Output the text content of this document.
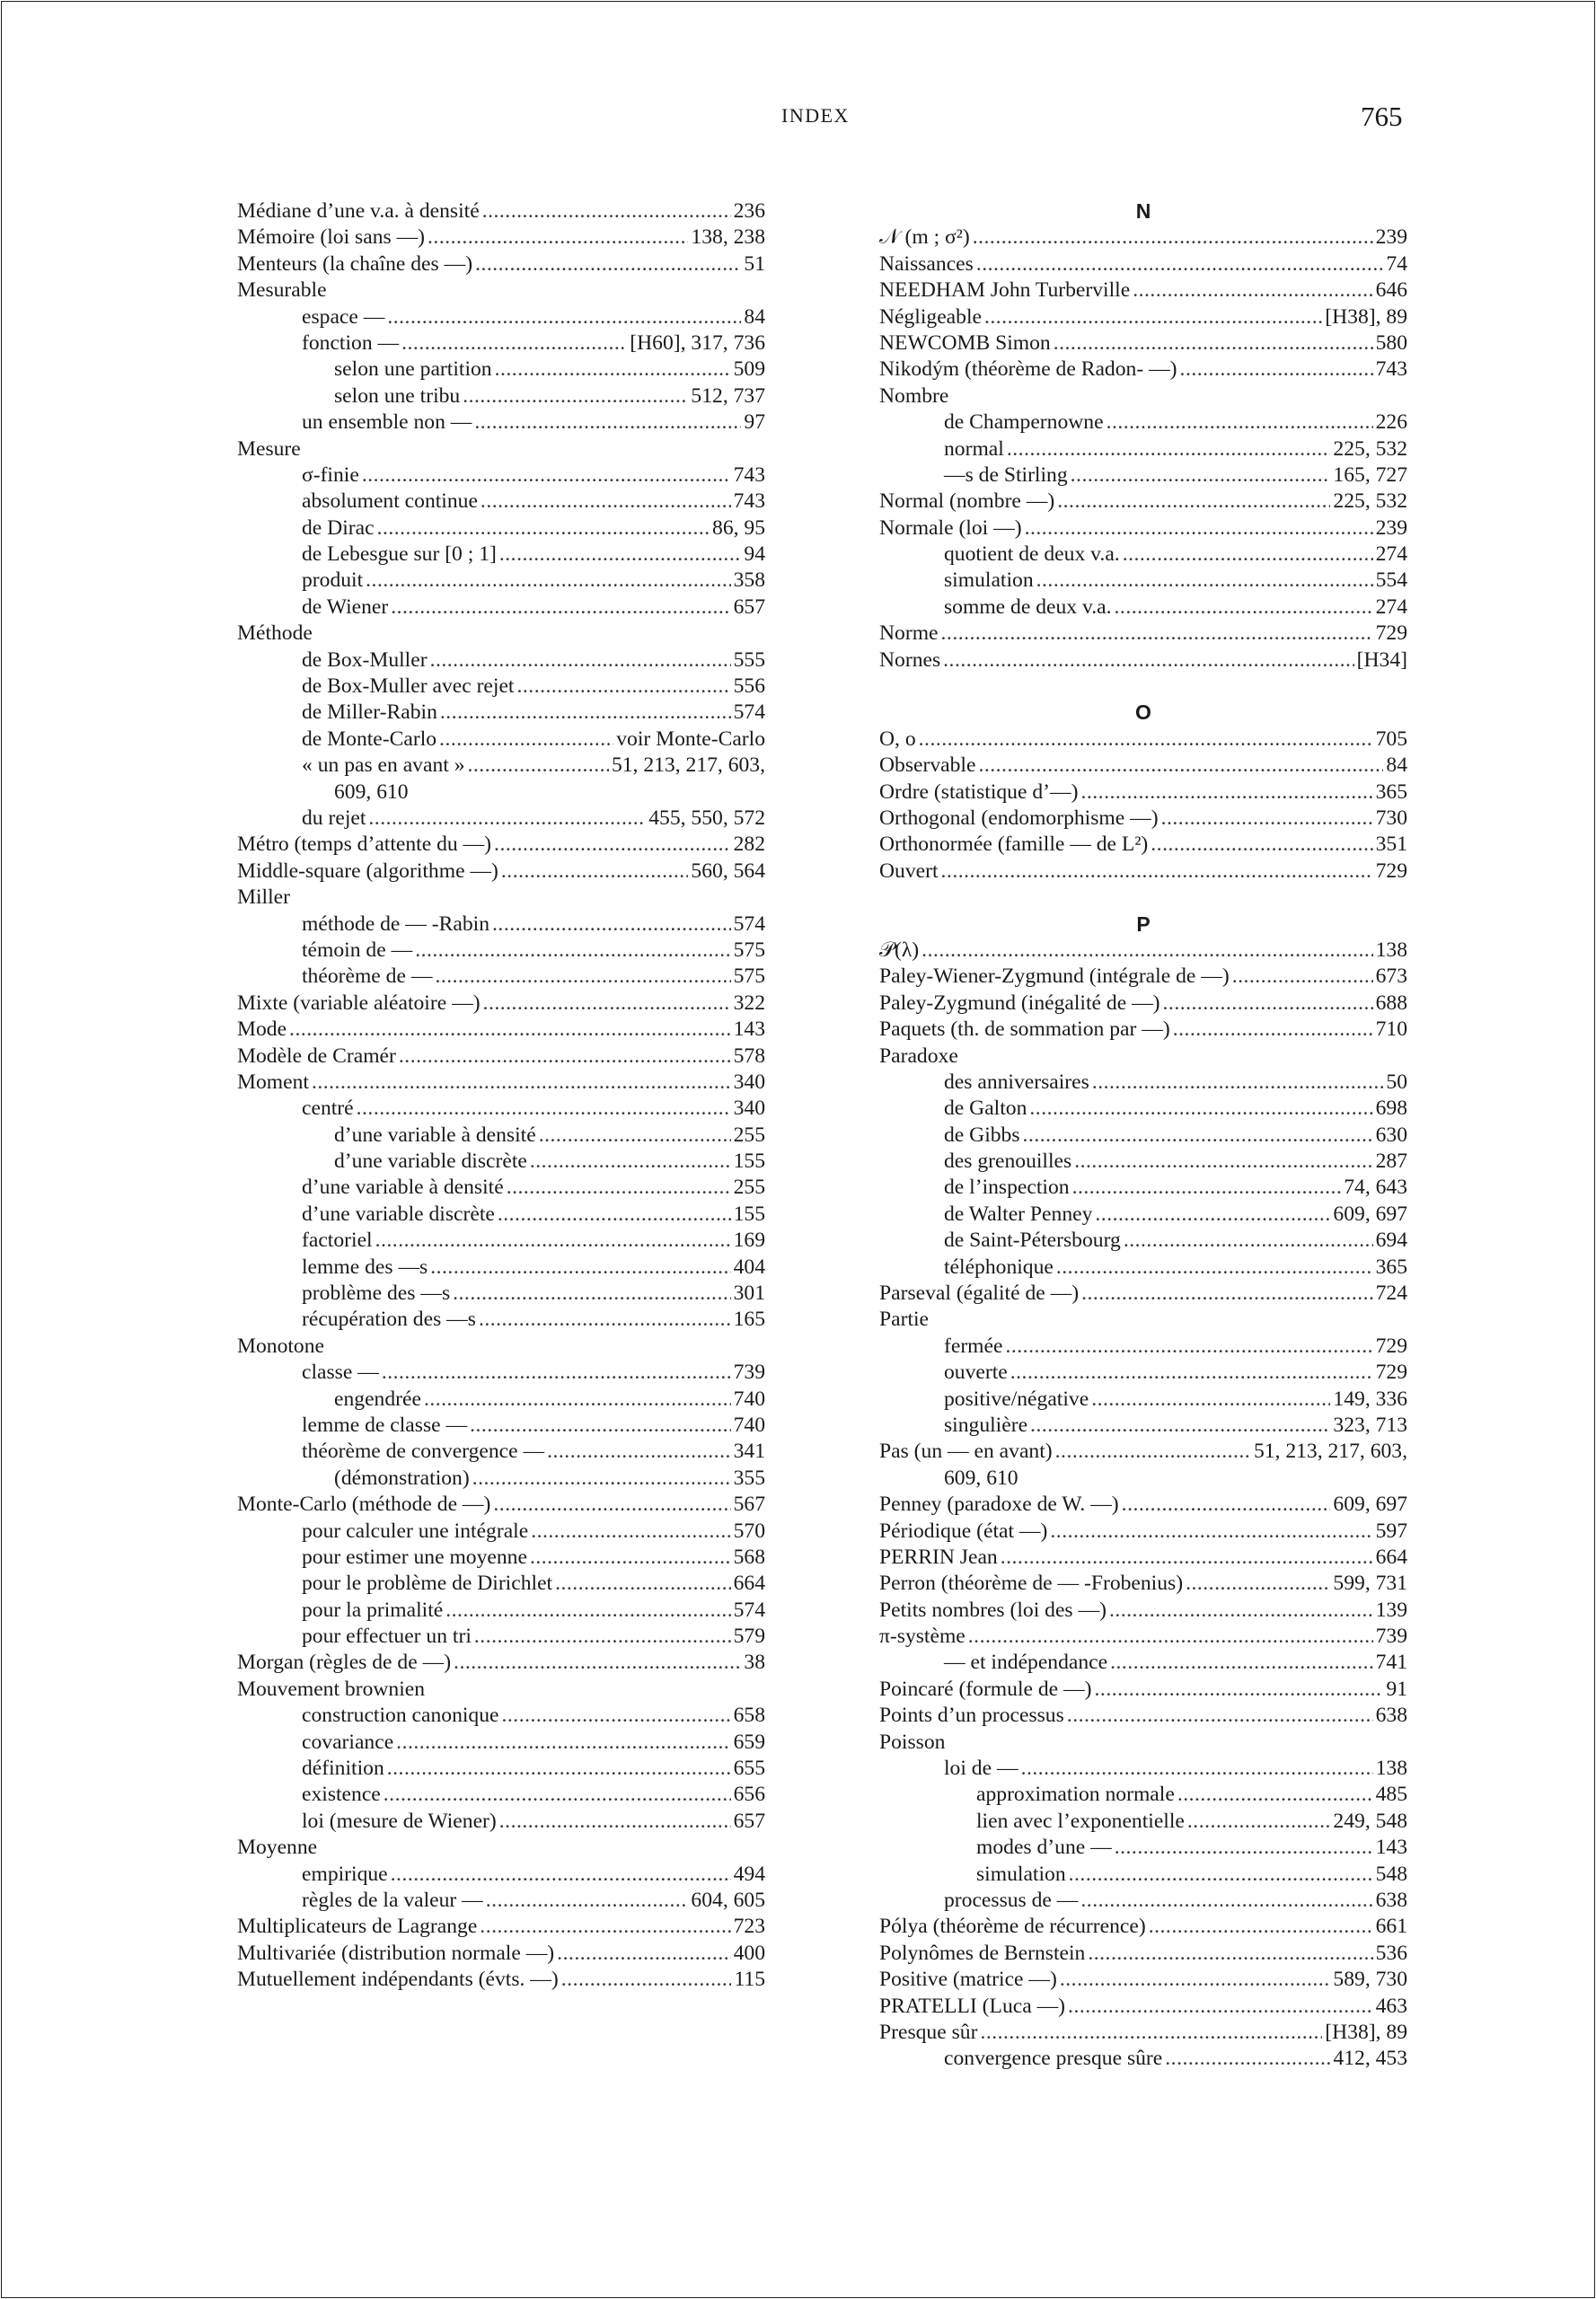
INDEX	765
Médiane d’une v.a. à densité .....	236
Mémoire (loi sans —) .....	138, 238
Menteurs (la chaîne des —) .....	51
Mesurable
espace — .....	84
fonction — .....	[H60], 317, 736
selon une partition .....	509
selon une tribu .....	512, 737
un ensemble non — .....	97
Mesure
σ-finie .....	743
absolument continue .....	743
de Dirac .....	86, 95
de Lebesgue sur [0 ; 1] .....	94
produit .....	358
de Wiener .....	657
Méthode
de Box-Muller .....	555
de Box-Muller avec rejet .....	556
de Miller-Rabin .....	574
de Monte-Carlo .....	voir Monte-Carlo
« un pas en avant » .....	51, 213, 217, 603,
609, 610
du rejet .....	455, 550, 572
Métro (temps d’attente du —) .....	282
Middle-square (algorithme —) .....	560, 564
Miller
méthode de — -Rabin .....	574
témoin de — .....	575
théorème de — .....	575
Mixte (variable aléatoire —) .....	322
Mode .....	143
Modèle de Cramér .....	578
Moment .....	340
centré .....	340
d’une variable à densité .....	255
d’une variable discrète .....	155
d’une variable à densité .....	255
d’une variable discrète .....	155
factoriel .....	169
lemme des —s .....	404
problème des —s .....	301
récupération des —s .....	165
Monotone
classe — .....	739
engendrée .....	740
lemme de classe — .....	740
théorème de convergence — .....	341
(démonstration) .....	355
Monte-Carlo (méthode de —) .....	567
pour calculer une intégrale .....	570
pour estimer une moyenne .....	568
pour le problème de Dirichlet .....	664
pour la primalité .....	574
pour effectuer un tri .....	579
Morgan (règles de de —) .....	38
Mouvement brownien
construction canonique .....	658
covariance .....	659
définition .....	655
existence .....	656
loi (mesure de Wiener) .....	657
Moyenne
empirique .....	494
règles de la valeur — .....	604, 605
Multiplicateurs de Lagrange .....	723
Multivariée (distribution normale —) .....	400
Mutuellement indépendants (évts. —) .....	115
N
𝒩 (m ; σ²) .....	239
Naissances .....	74
NEEDHAM John Turberville .....	646
Négligeable .....	[H38], 89
NEWCOMB Simon .....	580
Nikodým (théorème de Radon- —) .....	743
Nombre
de Champernowne .....	226
normal .....	225, 532
—s de Stirling .....	165, 727
Normal (nombre —) .....	225, 532
Normale (loi —) .....	239
quotient de deux v.a. .....	274
simulation .....	554
somme de deux v.a. .....	274
Norme .....	729
Nornes .....	[H34]
O
O, o .....	705
Observable .....	84
Ordre (statistique d’—) .....	365
Orthogonal (endomorphisme —) .....	730
Orthonormée (famille — de L²) .....	351
Ouvert .....	729
P
𝒫(λ) .....	138
Paley-Wiener-Zygmund (intégrale de —) .....	673
Paley-Zygmund (inégalité de —) .....	688
Paquets (th. de sommation par —) .....	710
Paradoxe
des anniversaires .....	50
de Galton .....	698
de Gibbs .....	630
des grenouilles .....	287
de l’inspection .....	74, 643
de Walter Penney .....	609, 697
de Saint-Pétersbourg .....	694
téléphonique .....	365
Parseval (égalité de —) .....	724
Partie
fermée .....	729
ouverte .....	729
positive/négative .....	149, 336
singulière .....	323, 713
Pas (un — en avant) .....	51, 213, 217, 603,
609, 610
Penney (paradoxe de W. —) .....	609, 697
Périodique (état —) .....	597
PERRIN Jean .....	664
Perron (théorème de — -Frobenius) .....	599, 731
Petits nombres (loi des —) .....	139
π-système .....	739
— et indépendance .....	741
Poincaré (formule de —) .....	91
Points d’un processus .....	638
Poisson
loi de — .....	138
approximation normale .....	485
lien avec l’exponentielle .....	249, 548
modes d’une — .....	143
simulation .....	548
processus de — .....	638
Pólya (théorème de récurrence) .....	661
Polynômes de Bernstein .....	536
Positive (matrice —) .....	589, 730
PRATELLI (Luca —) .....	463
Presque sûr .....	[H38], 89
convergence presque sûre .....	412, 453
